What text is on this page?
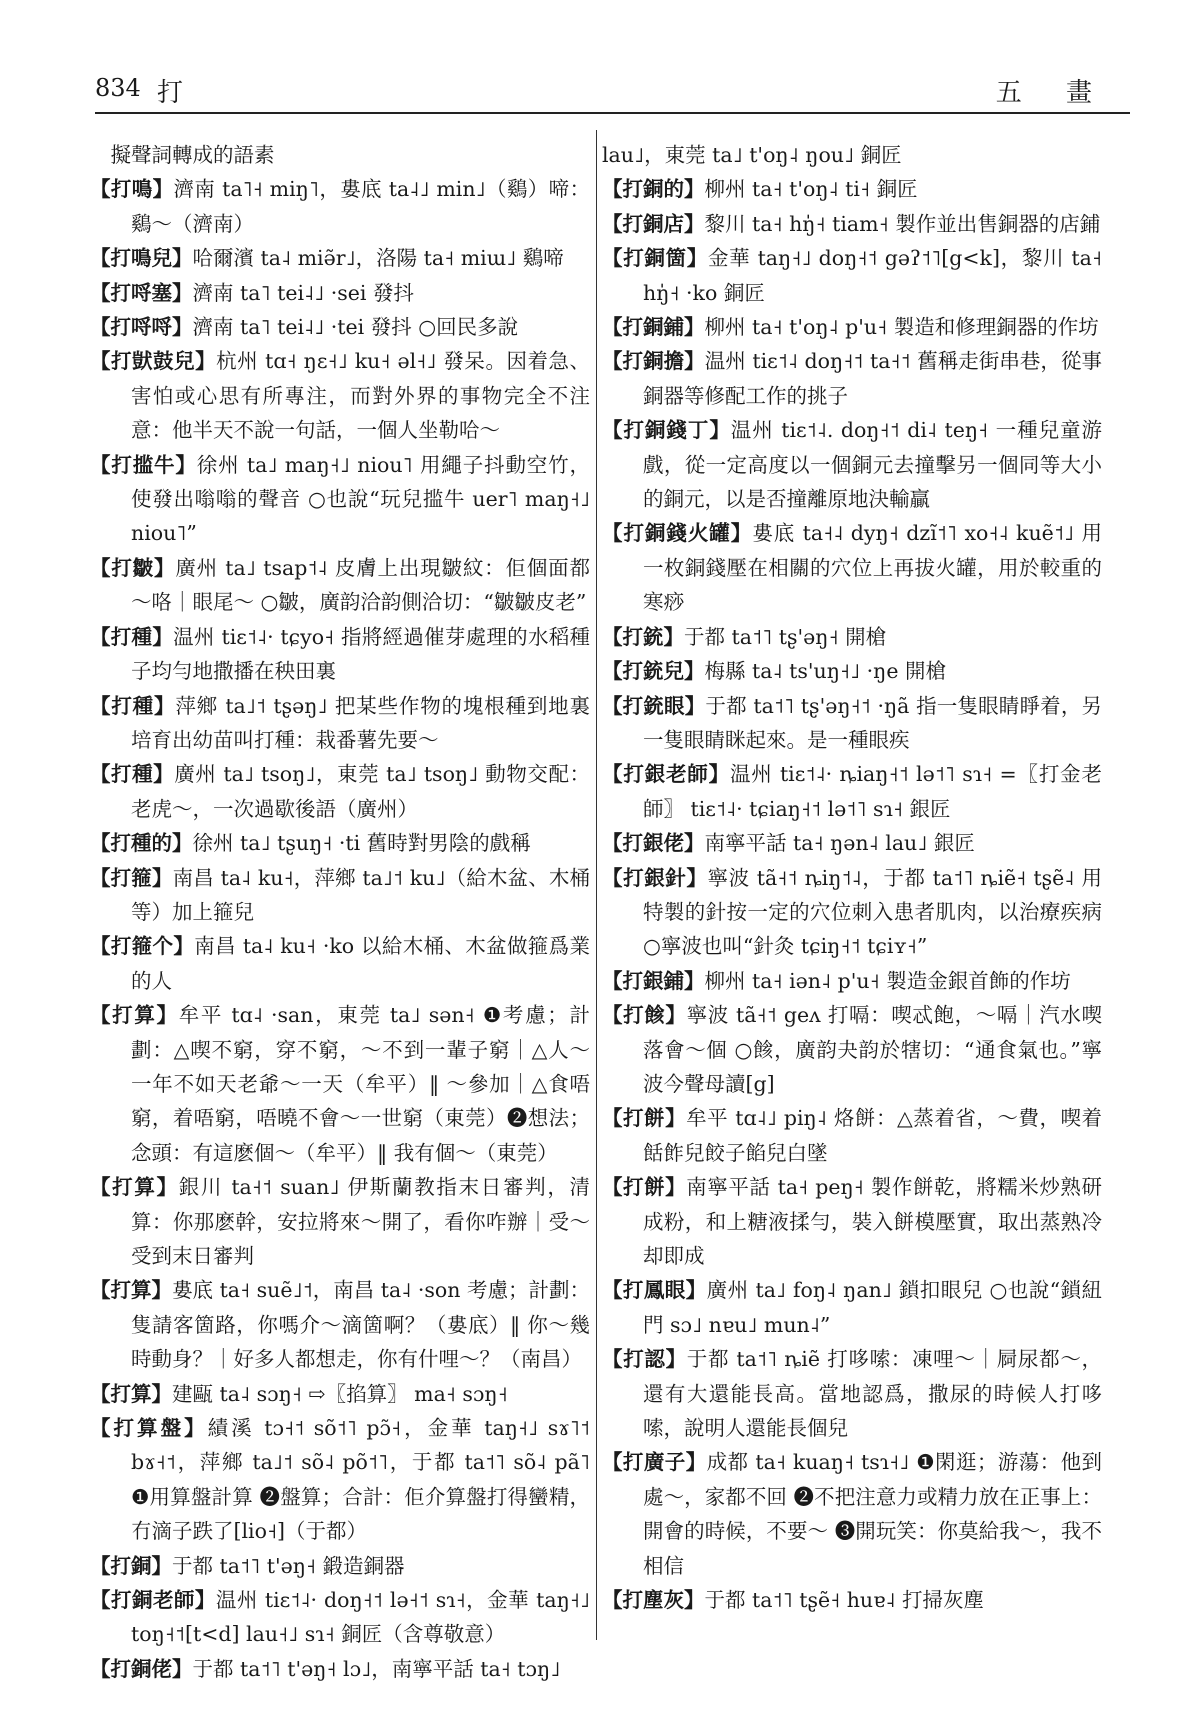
834 打	五 畫

　擬聲詞轉成的語素

【打鳴】濟南 ta˥˧ miŋ˥，婁底 ta˨˩ min˩（鷄）啼：鷄～（濟南）

【打鳴兒】哈爾濱 ta˨ miə̃r˩，洛陽 ta˧ miɯ˩ 鷄啼

【打哷塞】濟南 ta˥ tei˨˩ ·sei 發抖

【打哷哷】濟南 ta˥ tei˨˩ ·tei 發抖 ○回民多說

【打獃鼓兒】杭州 tɑ˧ ŋɛ˧˩ ku˧ əl˧˩ 發呆。因着急、害怕或心思有所專注，而對外界的事物完全不注意：他半天不說一句話，一個人坐勒哈～

【打㨫牛】徐州 ta˩ maŋ˧˩ niou˥ 用繩子抖動空竹，使發出嗡嗡的聲音 ○也說“玩兒㨫牛 uer˥ maŋ˧˩ niou˥”

【打皺】廣州 ta˩ tsap˦˨ 皮膚上出現皺紋：佢個面都～咯｜眼尾～ ○皺，廣韵洽韵側洽切：“皺皺皮老”

【打種】温州 tiɛ˦˨· tɕyo˧ 指將經過催芽處理的水稻種子均勻地撒播在秧田裏

【打種】萍鄉 ta˩˦ tʂəŋ˩ 把某些作物的塊根種到地裏培育出幼苗叫打種：栽番薯先要～

【打種】廣州 ta˩ tsoŋ˩，東莞 ta˩ tsoŋ˩ 動物交配：老虎～，一次過歇後語（廣州）

【打種的】徐州 ta˩ tʂuŋ˧ ·ti 舊時對男陰的戲稱

【打箍】南昌 ta˨ ku˧，萍鄉 ta˩˦ ku˩（給木盆、木桶等）加上箍兒

【打箍个】南昌 ta˨ ku˧ ·ko 以給木桶、木盆做箍爲業的人

【打算】牟平 tɑ˨ ·san，東莞 ta˩ sən˧ ❶考慮；計劃：△喫不窮，穿不窮，～不到一輩子窮｜△人～一年不如天老爺～一天（牟平）‖ ～參加｜△食唔窮，着唔窮，唔曉不會～一世窮（東莞）❷想法；念頭：有這麽個～（牟平）‖ 我有個～（東莞）

【打算】銀川 ta˧˦ suan˩ 伊斯蘭教指末日審判，清算：你那麽幹，安拉將來～開了，看你咋辦｜受～受到末日審判

【打算】婁底 ta˧ suẽ˩˦，南昌 ta˨ ·son 考慮；計劃：隻請客箇路，你嗎介～滴箇啊？（婁底）‖ 你～幾時動身？｜好多人都想走，你有什哩～？（南昌）

【打算】建甌 ta˨ sɔŋ˧ ⇨〖掐算〗 ma˧ sɔŋ˧

【打算盤】績溪 tɔ˧˦ sõ˦˥ pɔ̃˧，金華 taŋ˧˩ sɤ˥˦ bɤ˧˦，萍鄉 ta˩˦ sõ˨ põ˦˥，于都 ta˦˥ sõ˨ pã˥ ❶用算盤計算 ❷盤算；合計：佢介算盤打得蠻精，冇滴子跌了[lio˧]（于都）

【打銅】于都 ta˦˥ t'əŋ˧ 鍛造銅器

【打銅老師】温州 tiɛ˦˨· doŋ˧˦ lə˧˦ sɿ˧，金華 taŋ˧˩ toŋ˧˦[t<d] lau˧˩ sɿ˧ 銅匠（含尊敬意）

【打銅佬】于都 ta˦˥ t'əŋ˧ lɔ˩，南寧平話 ta˧ tɔŋ˩

lau˩，東莞 ta˩ t'oŋ˨ ŋou˩ 銅匠

【打銅的】柳州 ta˧ t'oŋ˨ ti˧ 銅匠

【打銅店】黎川 ta˧ hŋ̍˧ tiam˧ 製作並出售銅器的店鋪

【打銅箇】金華 taŋ˧˩ doŋ˧˦ gəʔ˦˥[g<k]，黎川 ta˧ hŋ̍˧ ·ko 銅匠

【打銅鋪】柳州 ta˧ t'oŋ˨ p'u˧ 製造和修理銅器的作坊

【打銅擔】温州 tiɛ˦˨ doŋ˧˦ ta˧˦ 舊稱走街串巷，從事銅器等修配工作的挑子

【打銅錢丁】温州 tiɛ˦˨. doŋ˧˦ di˨ teŋ˧ 一種兒童游戲，從一定高度以一個銅元去撞擊另一個同等大小的銅元，以是否撞離原地決輸贏

【打銅錢火罐】婁底 ta˧˨ dyŋ˧ dzĩ˦˥ xo˧˨ kuẽ˦˩ 用一枚銅錢壓在相關的穴位上再拔火罐，用於較重的寒痧

【打銃】于都 ta˦˥ tʂ'əŋ˧ 開槍

【打銃兒】梅縣 ta˨ ts'uŋ˧˩ ·ŋe 開槍

【打銃眼】于都 ta˦˥ tʂ'əŋ˧˦ ·ŋã 指一隻眼睛睜着，另一隻眼睛眯起來。是一種眼疾

【打銀老師】温州 tiɛ˦˨· ȵiaŋ˧˦ lə˦˥ sɿ˧ =〖打金老師〗 tiɛ˦˨· tɕiaŋ˧˦ lə˦˥ sɿ˧ 銀匠

【打銀佬】南寧平話 ta˧ ŋən˨ lau˩ 銀匠

【打銀針】寧波 tã˧˦ ȵiŋ˦˨，于都 ta˦˥ ȵiẽ˧ tʂẽ˨ 用特製的針按一定的穴位刺入患者肌肉，以治療疾病 ○寧波也叫“針灸 tɕiŋ˧˦ tɕiʏ˧”

【打銀鋪】柳州 ta˧ iən˨ p'u˧ 製造金銀首飾的作坊

【打餩】寧波 tã˧˦ geʌ 打嗝：喫忒飽，～嗝｜汽水喫落會～個 ○餩，廣韵夬韵於犗切：“通食氣也。”寧波今聲母讀[g]

【打餅】牟平 tɑ˨˩ piŋ˨ 烙餅：△蒸着省，～費，喫着餂飵兒餃子餡兒白墜

【打餅】南寧平話 ta˧ peŋ˧ 製作餅乾，將糯米炒熟研成粉，和上糖液揉勻，裝入餅模壓實，取出蒸熟冷却即成

【打鳳眼】廣州 ta˩ foŋ˨ ŋan˩ 鎖扣眼兒 ○也說“鎖紐門 sɔ˩ nɐu˩ mun˨”

【打認】于都 ta˦˥ ȵiẽ 打哆嗦：凍哩～｜屙尿都～，還有大還能長高。當地認爲，撒尿的時候人打哆嗦，說明人還能長個兒

【打廣子】成都 ta˧ kuaŋ˧ tsɿ˧˩ ❶閑逛；游蕩：他到處～，家都不回 ❷不把注意力或精力放在正事上：開會的時候，不要～ ❸開玩笑：你莫給我～，我不相信

【打塵灰】于都 ta˦˥ tʂẽ˧ huɐ˨ 打掃灰塵
